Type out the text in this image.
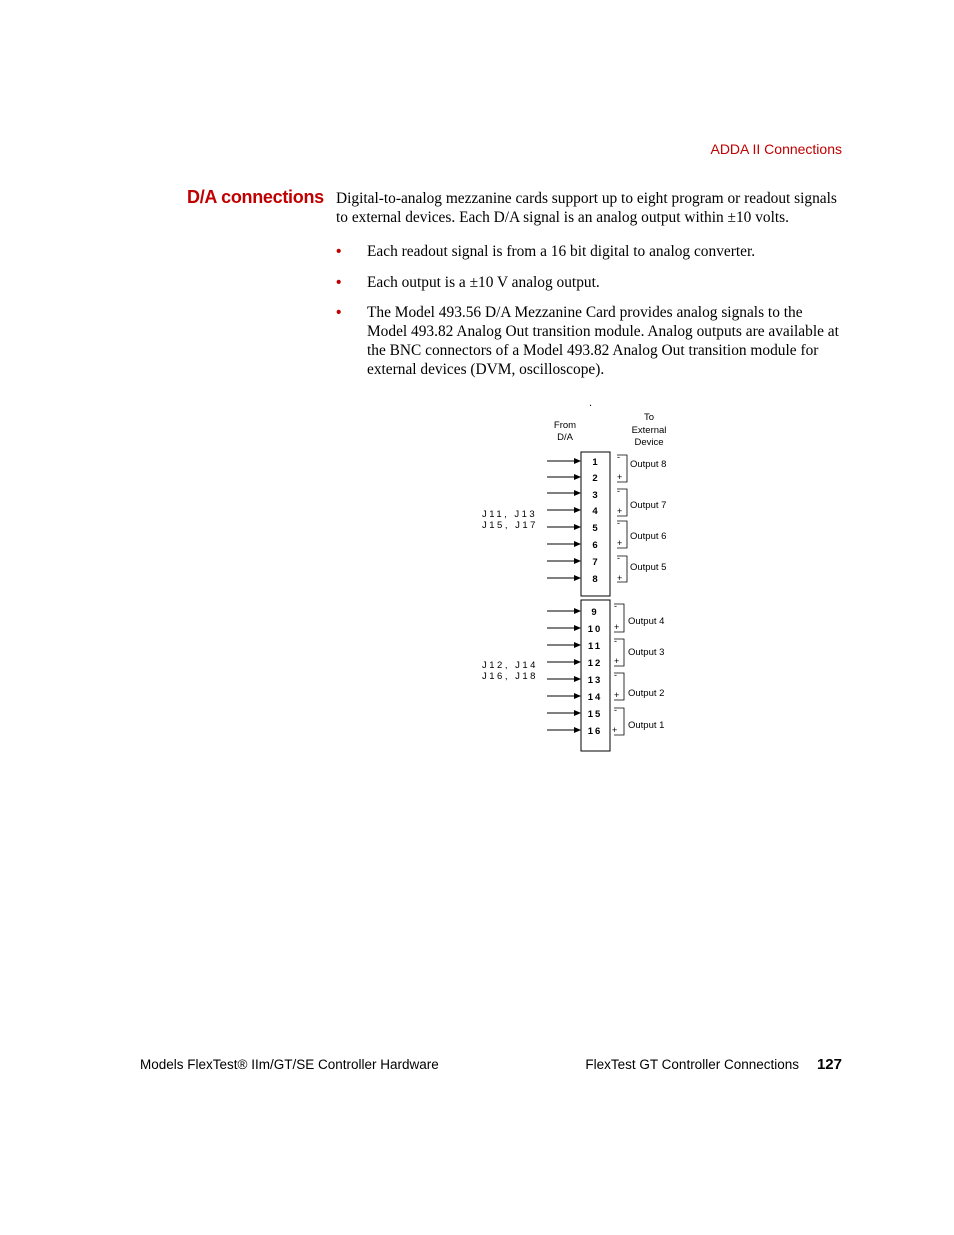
ADDA II Connections
D/A connections Digital-to-analog mezzanine cards support up to eight program or readout signals to external devices. Each D/A signal is an analog output within ±10 volts.

• Each readout signal is from a 16 bit digital to analog converter.
• Each output is a ±10 V analog output.
• The Model 493.56 D/A Mezzanine Card provides analog signals to the Model 493.82 Analog Out transition module. Analog outputs are available at the BNC connectors of a Model 493.82 Analog Out transition module for external devices (DVM, oscilloscope).
.
From
D/A
To
External
Device
J11, J13
J15, J17
J12, J14
J16, J18
1
2
3
4
5
6
7
8
9
10
11
12
13
14
15
16
-
+
Output 8
-
+ Output 7
-
+
Output 6
-
+
Output 5
-
+ Output 4
-
+
Output 3
-
+ Output 2
-
+ Output 1
Models FlexTest® IIm/GT/SE Controller Hardware	FlexTest GT Controller Connections 127
